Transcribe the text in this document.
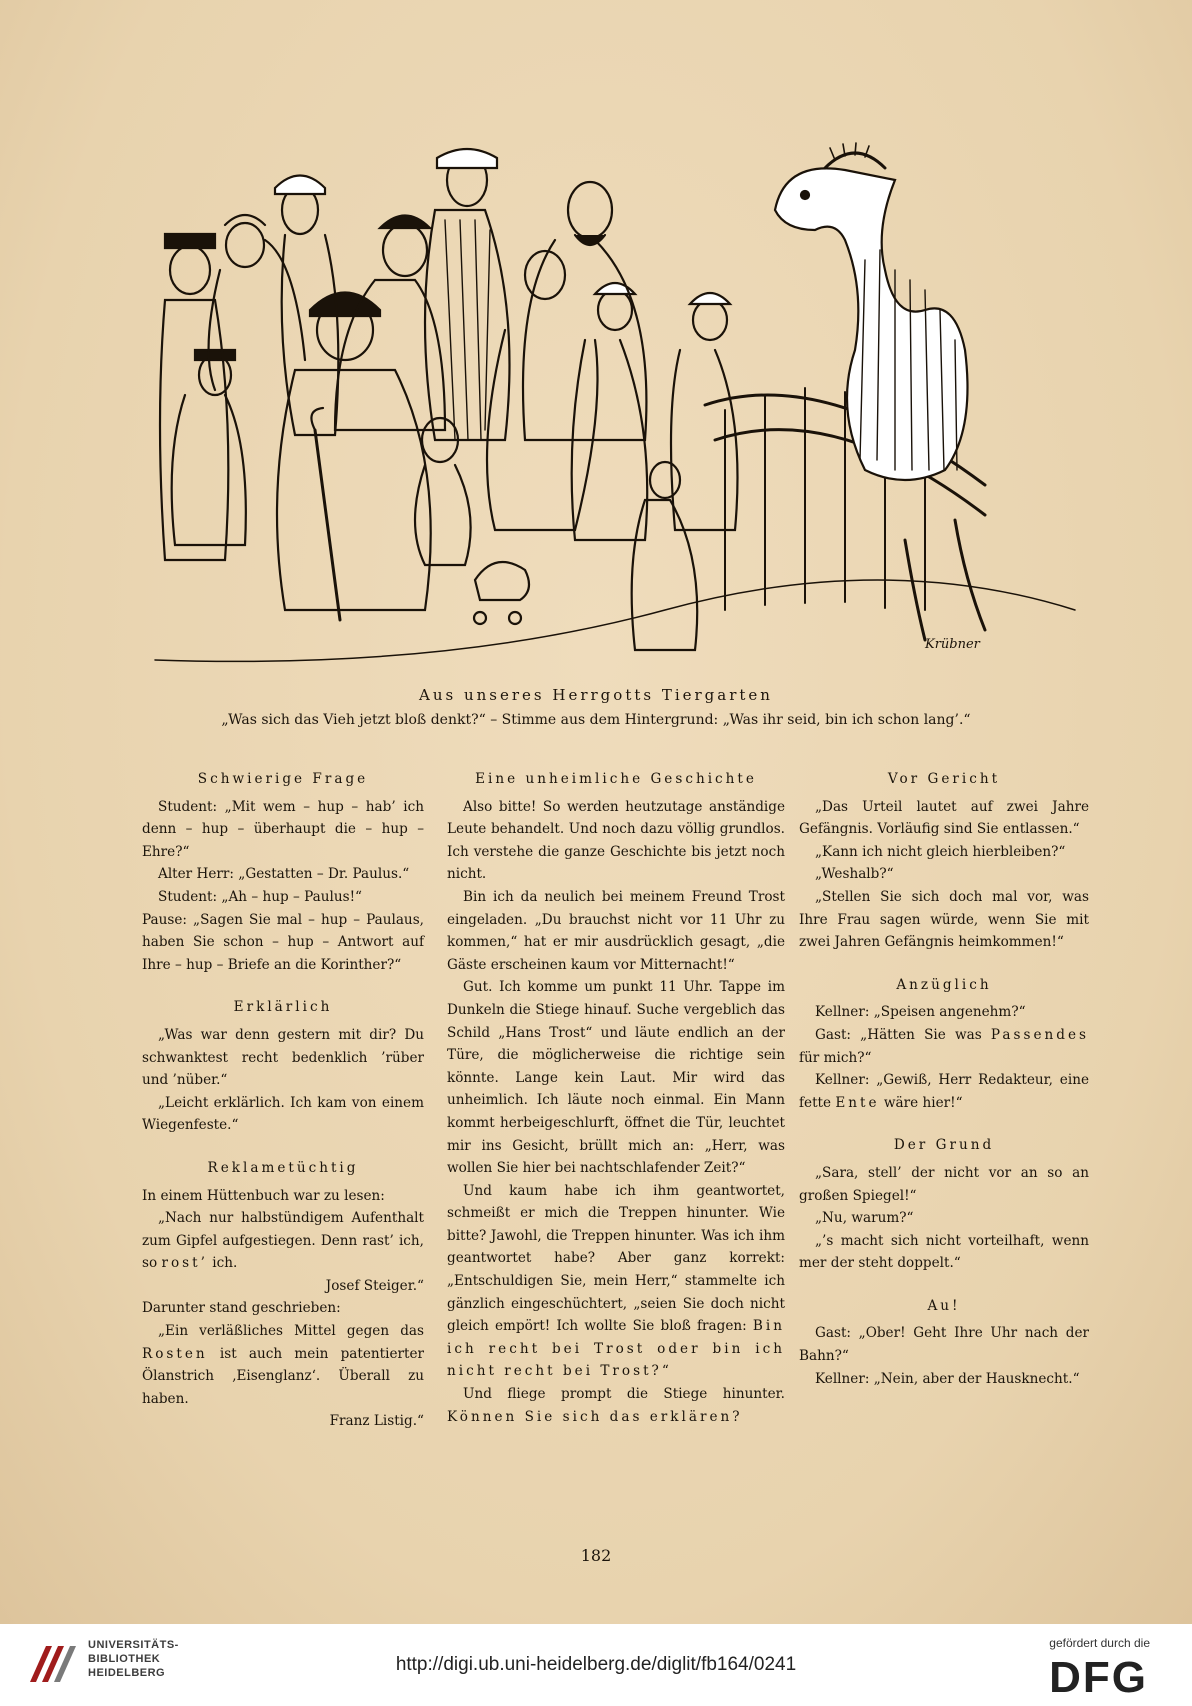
Krübner
Aus unseres Herrgotts Tiergarten
„Was sich das Vieh jetzt bloß denkt?“ – Stimme aus dem Hintergrund: „Was ihr seid, bin ich schon lang’.“
Schwierige Frage

Student: „Mit wem – hup – hab’ ich denn – hup – überhaupt die – hup – Ehre?“

Alter Herr: „Gestatten – Dr. Paulus.“

Student: „Ah – hup – Paulus!“

Pause: „Sagen Sie mal – hup – Paulaus, haben Sie schon – hup – Antwort auf Ihre – hup – Briefe an die Korinther?“

Erklärlich

„Was war denn gestern mit dir? Du schwanktest recht bedenklich ’rüber und ’nüber.“

„Leicht erklärlich. Ich kam von einem Wiegenfeste.“

Reklametüchtig

In einem Hüttenbuch war zu lesen:

„Nach nur halbstündigem Aufenthalt zum Gipfel aufgestiegen. Denn rast’ ich, so rost’ ich.

Josef Steiger.“

Darunter stand geschrieben:

„Ein verläßliches Mittel gegen das Rosten ist auch mein patentierter Ölanstrich ‚Eisenglanz‘. Überall zu haben.

Franz Listig.“

Eine unheimliche Geschichte

Also bitte! So werden heutzutage anständige Leute behandelt. Und noch dazu völlig grundlos. Ich verstehe die ganze Geschichte bis jetzt noch nicht.

Bin ich da neulich bei meinem Freund Trost eingeladen. „Du brauchst nicht vor 11 Uhr zu kommen,“ hat er mir ausdrücklich gesagt, „die Gäste erscheinen kaum vor Mitternacht!“

Gut. Ich komme um punkt 11 Uhr. Tappe im Dunkeln die Stiege hinauf. Suche vergeblich das Schild „Hans Trost“ und läute endlich an der Türe, die möglicherweise die richtige sein könnte. Lange kein Laut. Mir wird das unheimlich. Ich läute noch einmal. Ein Mann kommt herbeigeschlurft, öffnet die Tür, leuchtet mir ins Gesicht, brüllt mich an: „Herr, was wollen Sie hier bei nachtschlafender Zeit?“

Und kaum habe ich ihm geantwortet, schmeißt er mich die Treppen hinunter. Wie bitte? Jawohl, die Treppen hinunter. Was ich ihm geantwortet habe? Aber ganz korrekt: „Entschuldigen Sie, mein Herr,“ stammelte ich gänzlich eingeschüchtert, „seien Sie doch nicht gleich empört! Ich wollte Sie bloß fragen: Bin ich recht bei Trost oder bin ich nicht recht bei Trost?“

Und fliege prompt die Stiege hinunter. Können Sie sich das erklären?

Vor Gericht

„Das Urteil lautet auf zwei Jahre Gefängnis. Vorläufig sind Sie entlassen.“

„Kann ich nicht gleich hierbleiben?“

„Weshalb?“

„Stellen Sie sich doch mal vor, was Ihre Frau sagen würde, wenn Sie mit zwei Jahren Gefängnis heimkommen!“

Anzüglich

Kellner: „Speisen angenehm?“

Gast: „Hätten Sie was Passendes für mich?“

Kellner: „Gewiß, Herr Redakteur, eine fette Ente wäre hier!“

Der Grund

„Sara, stell’ der nicht vor an so an großen Spiegel!“

„Nu, warum?“

„’s macht sich nicht vorteilhaft, wenn mer der steht doppelt.“

Au!

Gast: „Ober! Geht Ihre Uhr nach der Bahn?“

Kellner: „Nein, aber der Hausknecht.“

182
UNIVERSITÄTS-
BIBLIOTHEK
HEIDELBERG	http://digi.ub.uni-heidelberg.de/diglit/fb164/0241
gefördert durch die
DFG
